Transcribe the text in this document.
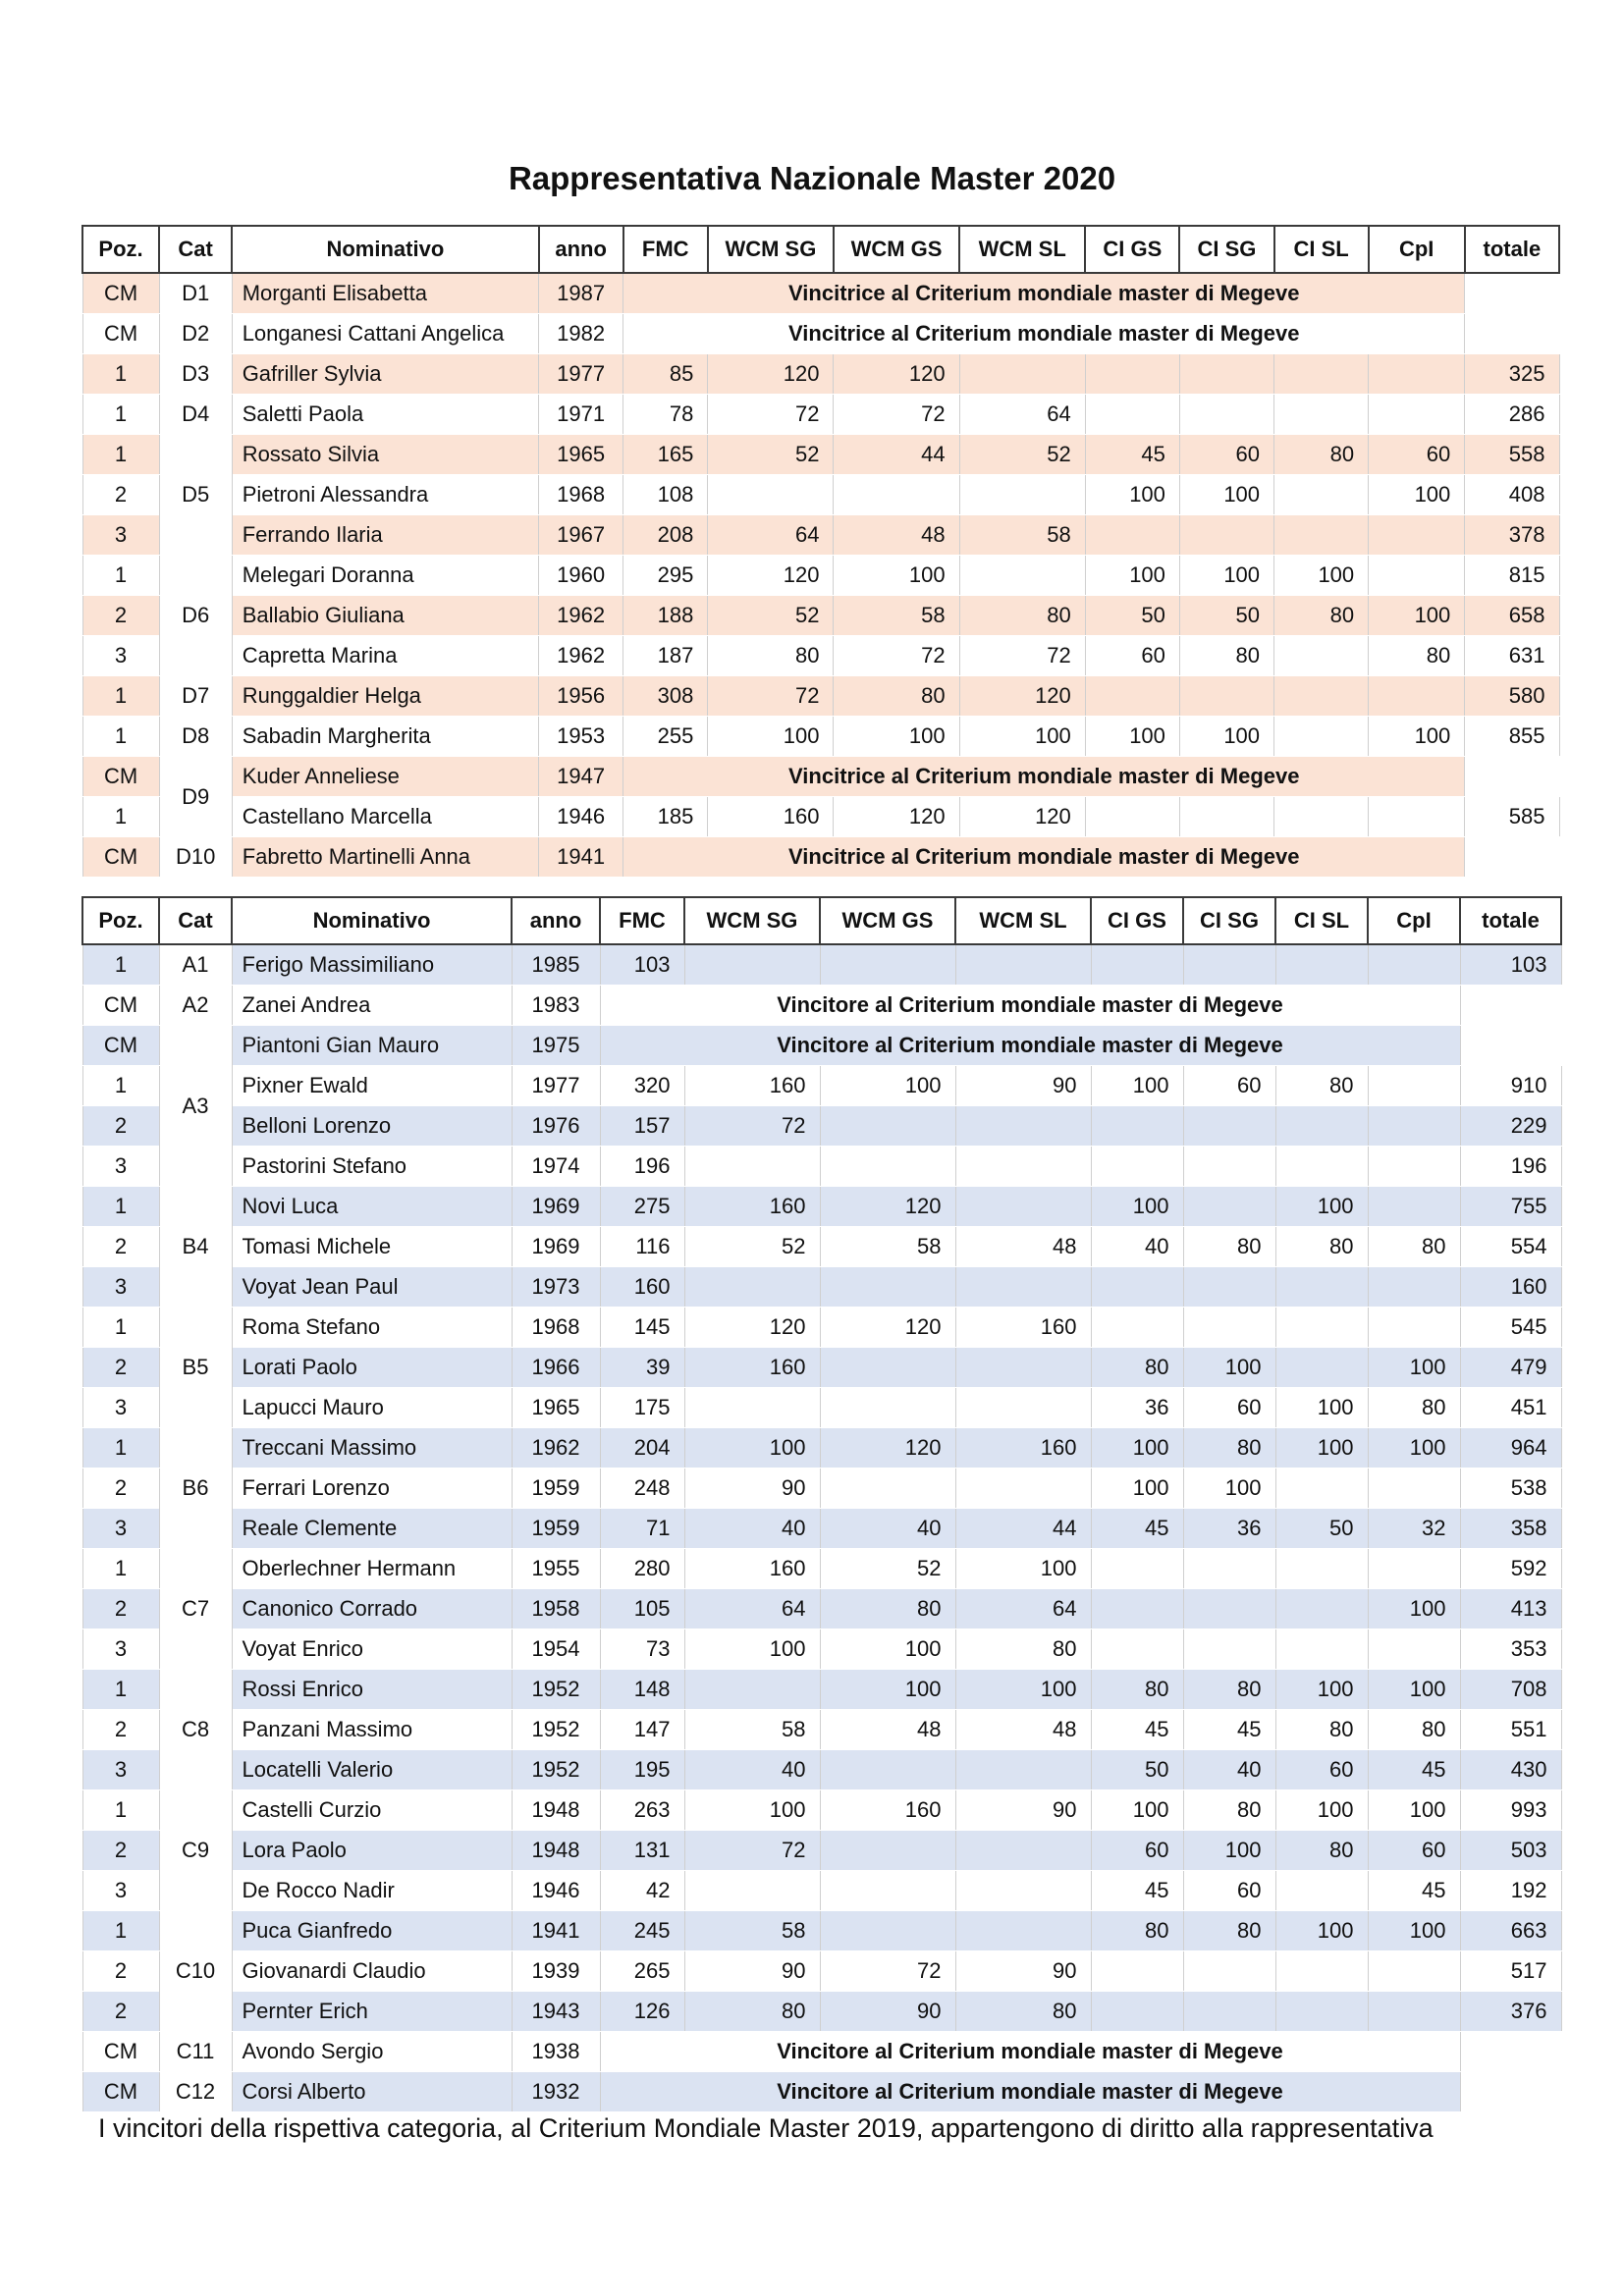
Rappresentativa Nazionale Master 2020
Poz.	Cat	Nominativo	anno	FMC	WCM SG	WCM GS	WCM SL	CI GS	CI SG	CI SL	CpI	totale
CM	D1	Morganti Elisabetta	1987	Vincitrice al Criterium mondiale master di Megeve								
CM	D2	Longanesi Cattani Angelica	1982	Vincitrice al Criterium mondiale master di Megeve								
1	D3	Gafriller Sylvia	1977	85	120	120						325
1	D4	Saletti Paola	1971	78	72	72	64					286
1	D5	Rossato Silvia	1965	165	52	44	52	45	60	80	60	558
2		Pietroni Alessandra	1968	108				100	100		100	408
3		Ferrando Ilaria	1967	208	64	48	58					378
1	D6	Melegari Doranna	1960	295	120	100		100	100	100		815
2		Ballabio Giuliana	1962	188	52	58	80	50	50	80	100	658
3		Capretta Marina	1962	187	80	72	72	60	80		80	631
1	D7	Runggaldier Helga	1956	308	72	80	120					580
1	D8	Sabadin Margherita	1953	255	100	100	100	100	100		100	855
CM	D9	Kuder Anneliese	1947	Vincitrice al Criterium mondiale master di Megeve								
1		Castellano Marcella	1946	185	160	120	120					585
CM	D10	Fabretto Martinelli Anna	1941	Vincitrice al Criterium mondiale master di Megeve								
Poz.	Cat	Nominativo	anno	FMC	WCM SG	WCM GS	WCM SL	CI GS	CI SG	CI SL	CpI	totale
1	A1	Ferigo Massimiliano	1985	103								103
CM	A2	Zanei Andrea	1983	Vincitore al Criterium mondiale master di Megeve								
CM	A3	Piantoni Gian Mauro	1975	Vincitore al Criterium mondiale master di Megeve								
1		Pixner Ewald	1977	320	160	100	90	100	60	80		910
2		Belloni Lorenzo	1976	157	72							229
3		Pastorini Stefano	1974	196								196
1	B4	Novi Luca	1969	275	160	120		100		100		755
2		Tomasi Michele	1969	116	52	58	48	40	80	80	80	554
3		Voyat Jean Paul	1973	160								160
1	B5	Roma Stefano	1968	145	120	120	160					545
2		Lorati Paolo	1966	39	160			80	100		100	479
3		Lapucci Mauro	1965	175				36	60	100	80	451
1	B6	Treccani Massimo	1962	204	100	120	160	100	80	100	100	964
2		Ferrari Lorenzo	1959	248	90			100	100			538
3		Reale Clemente	1959	71	40	40	44	45	36	50	32	358
1	C7	Oberlechner Hermann	1955	280	160	52	100					592
2		Canonico Corrado	1958	105	64	80	64				100	413
3		Voyat Enrico	1954	73	100	100	80					353
1	C8	Rossi Enrico	1952	148		100	100	80	80	100	100	708
2		Panzani Massimo	1952	147	58	48	48	45	45	80	80	551
3		Locatelli Valerio	1952	195	40			50	40	60	45	430
1	C9	Castelli Curzio	1948	263	100	160	90	100	80	100	100	993
2		Lora Paolo	1948	131	72			60	100	80	60	503
3		De Rocco Nadir	1946	42				45	60		45	192
1	C10	Puca Gianfredo	1941	245	58			80	80	100	100	663
2		Giovanardi Claudio	1939	265	90	72	90					517
2		Pernter Erich	1943	126	80	90	80					376
CM	C11	Avondo Sergio	1938	Vincitore al Criterium mondiale master di Megeve								
CM	C12	Corsi Alberto	1932	Vincitore al Criterium mondiale master di Megeve								
I vincitori della rispettiva categoria, al Criterium Mondiale Master 2019, appartengono di diritto alla rappresentativa
